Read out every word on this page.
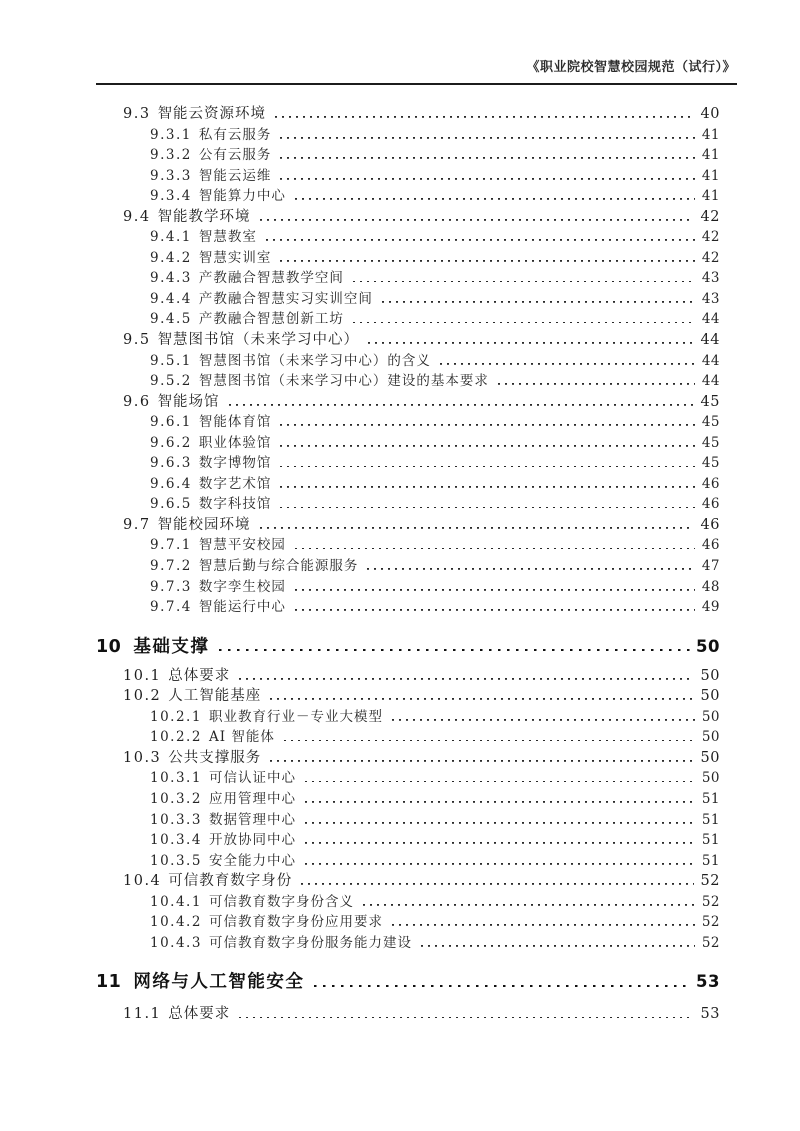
《职业院校智慧校园规范（试行）》
9.3 智能云资源环境	40
9.3.1 私有云服务	41
9.3.2 公有云服务	41
9.3.3 智能云运维	41
9.3.4 智能算力中心	41
9.4 智能教学环境	42
9.4.1 智慧教室	42
9.4.2 智慧实训室	42
9.4.3 产教融合智慧教学空间	43
9.4.4 产教融合智慧实习实训空间	43
9.4.5 产教融合智慧创新工坊	44
9.5 智慧图书馆（未来学习中心）	44
9.5.1 智慧图书馆（未来学习中心）的含义	44
9.5.2 智慧图书馆（未来学习中心）建设的基本要求	44
9.6 智能场馆	45
9.6.1 智能体育馆	45
9.6.2 职业体验馆	45
9.6.3 数字博物馆	45
9.6.4 数字艺术馆	46
9.6.5 数字科技馆	46
9.7 智能校园环境	46
9.7.1 智慧平安校园	46
9.7.2 智慧后勤与综合能源服务	47
9.7.3 数字孪生校园	48
9.7.4 智能运行中心	49
10 基础支撑	50
10.1 总体要求	50
10.2 人工智能基座	50
10.2.1 职业教育行业－专业大模型	50
10.2.2 AI 智能体	50
10.3 公共支撑服务	50
10.3.1 可信认证中心	50
10.3.2 应用管理中心	51
10.3.3 数据管理中心	51
10.3.4 开放协同中心	51
10.3.5 安全能力中心	51
10.4 可信教育数字身份	52
10.4.1 可信教育数字身份含义	52
10.4.2 可信教育数字身份应用要求	52
10.4.3 可信教育数字身份服务能力建设	52
11 网络与人工智能安全	53
11.1 总体要求	53
